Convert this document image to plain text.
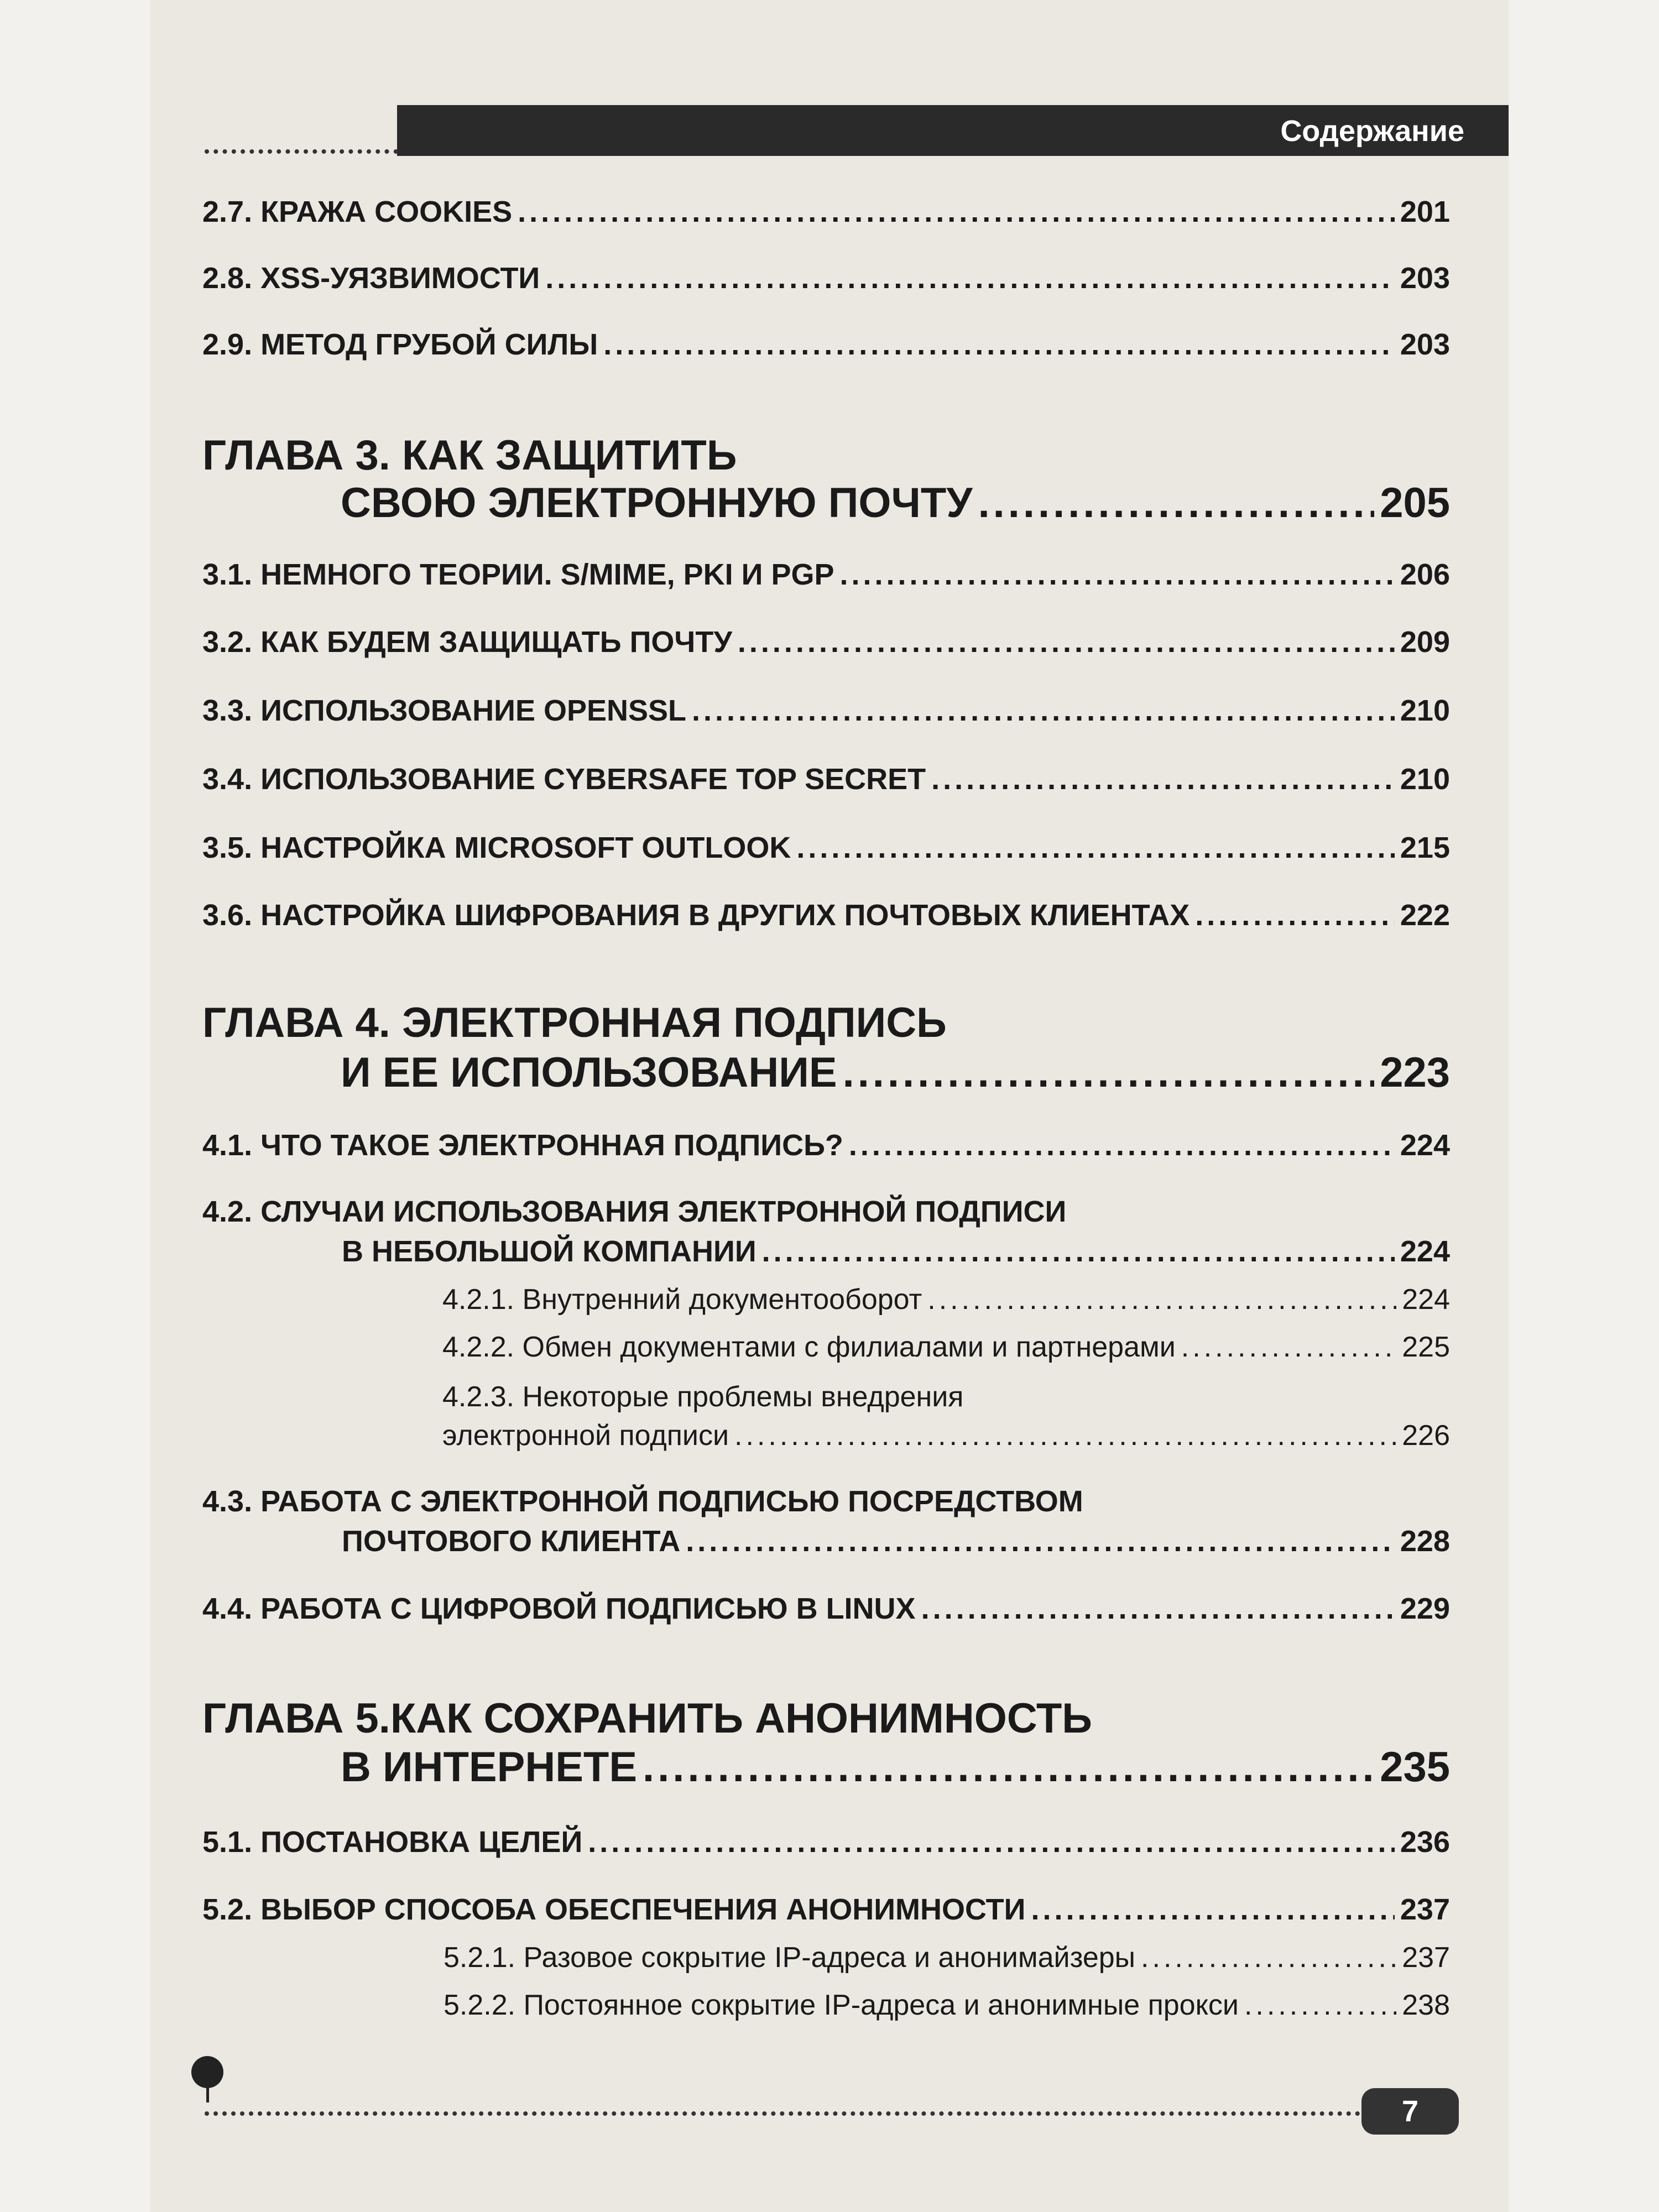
Содержание
2.7. КРАЖА COOKIES .....	201
2.8. XSS-УЯЗВИМОСТИ .....	203
2.9. МЕТОД ГРУБОЙ СИЛЫ .....	203
ГЛАВА 3. КАК ЗАЩИТИТЬ
СВОЮ ЭЛЕКТРОННУЮ ПОЧТУ .....	205
3.1. НЕМНОГО ТЕОРИИ. S/MIME, PKI И PGP .....	206
3.2. КАК БУДЕМ ЗАЩИЩАТЬ ПОЧТУ .....	209
3.3. ИСПОЛЬЗОВАНИЕ OPENSSL .....	210
3.4. ИСПОЛЬЗОВАНИЕ CYBERSAFE TOP SECRET .....	210
3.5. НАСТРОЙКА MICROSOFT OUTLOOK .....	215
3.6. НАСТРОЙКА ШИФРОВАНИЯ В ДРУГИХ ПОЧТОВЫХ КЛИЕНТАХ .....	222
ГЛАВА 4. ЭЛЕКТРОННАЯ ПОДПИСЬ
И ЕЕ ИСПОЛЬЗОВАНИЕ .....	223
4.1. ЧТО ТАКОЕ ЭЛЕКТРОННАЯ ПОДПИСЬ? .....	224
4.2. СЛУЧАИ ИСПОЛЬЗОВАНИЯ ЭЛЕКТРОННОЙ ПОДПИСИ
В НЕБОЛЬШОЙ КОМПАНИИ .....	224
4.2.1. Внутренний документооборот .....	224
4.2.2. Обмен документами с филиалами и партнерами .....	225
4.2.3. Некоторые проблемы внедрения
электронной подписи .....	226
4.3. РАБОТА С ЭЛЕКТРОННОЙ ПОДПИСЬЮ ПОСРЕДСТВОМ
ПОЧТОВОГО КЛИЕНТА .....	228
4.4. РАБОТА С ЦИФРОВОЙ ПОДПИСЬЮ В LINUX .....	229
ГЛАВА 5.КАК СОХРАНИТЬ АНОНИМНОСТЬ
В ИНТЕРНЕТЕ .....	235
5.1. ПОСТАНОВКА ЦЕЛЕЙ .....	236
5.2. ВЫБОР СПОСОБА ОБЕСПЕЧЕНИЯ АНОНИМНОСТИ .....	237
5.2.1. Разовое сокрытие IP-адреса и анонимайзеры .....	237
5.2.2. Постоянное сокрытие IP-адреса и анонимные прокси .....	238
7
